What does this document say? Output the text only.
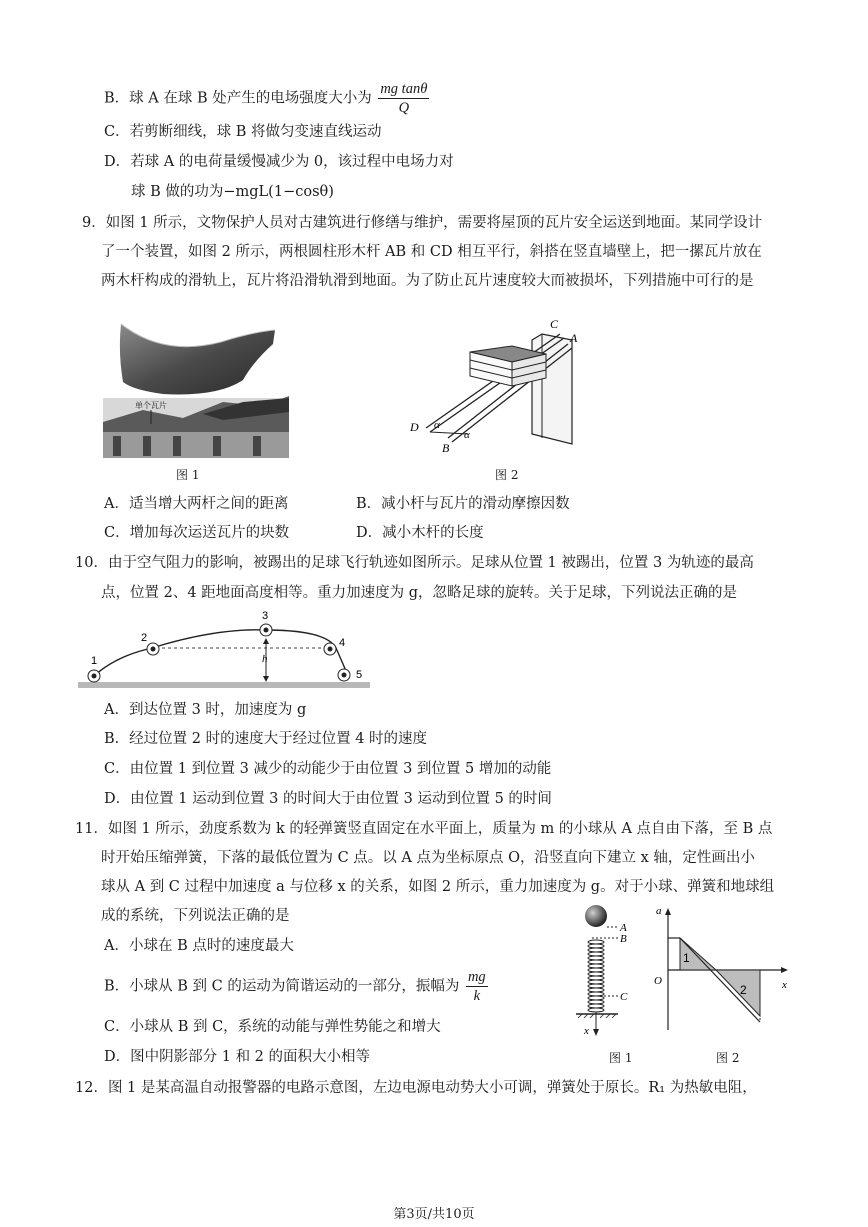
B．球 A 在球 B 处产生的电场强度大小为 $\frac{\text{mg tanθ}}{Q}$
C．若剪断细线，球 B 将做匀变速直线运动
D．若球 A 的电荷量缓慢减少为 0，该过程中电场力对
球 B 做的功为−mgL(1−cosθ)
9．如图 1 所示，文物保护人员对古建筑进行修缮与维护，需要将屋顶的瓦片安全运送到地面。某同学设计
了一个装置，如图 2 所示，两根圆柱形木杆 AB 和 CD 相互平行，斜搭在竖直墙壁上，把一摞瓦片放在
两木杆构成的滑轨上，瓦片将沿滑轨滑到地面。为了防止瓦片速度较大而被损坏，下列措施中可行的是
单个瓦片
图 1
C
A
D
B
α
α
图 2
A．适当增大两杆之间的距离	B．减小杆与瓦片的滑动摩擦因数
C．增加每次运送瓦片的块数	D．减小木杆的长度
10．由于空气阻力的影响，被踢出的足球飞行轨迹如图所示。足球从位置 1 被踢出，位置 3 为轨迹的最高
点，位置 2、4 距地面高度相等。重力加速度为 g，忽略足球的旋转。关于足球，下列说法正确的是
h
1
2
3
4
5
A．到达位置 3 时，加速度为 g
B．经过位置 2 时的速度大于经过位置 4 时的速度
C．由位置 1 到位置 3 减少的动能少于由位置 3 到位置 5 增加的动能
D．由位置 1 运动到位置 3 的时间大于由位置 3 运动到位置 5 的时间
11．如图 1 所示，劲度系数为 k 的轻弹簧竖直固定在水平面上，质量为 m 的小球从 A 点自由下落，至 B 点
时开始压缩弹簧，下落的最低位置为 C 点。以 A 点为坐标原点 O，沿竖直向下建立 x 轴，定性画出小
球从 A 到 C 过程中加速度 a 与位移 x 的关系，如图 2 所示，重力加速度为 g。对于小球、弹簧和地球组
成的系统，下列说法正确的是
A．小球在 B 点时的速度最大
B．小球从 B 到 C 的运动为简谐运动的一部分，振幅为 $\frac{mg}{k}$
C．小球从 B 到 C，系统的动能与弹性势能之和增大
D．图中阴影部分 1 和 2 的面积大小相等
A
B
C
x
图 1
a
O	x
1
2
图 2
12．图 1 是某高温自动报警器的电路示意图，左边电源电动势大小可调，弹簧处于原长。R₁ 为热敏电阻，
第3页/共10页
